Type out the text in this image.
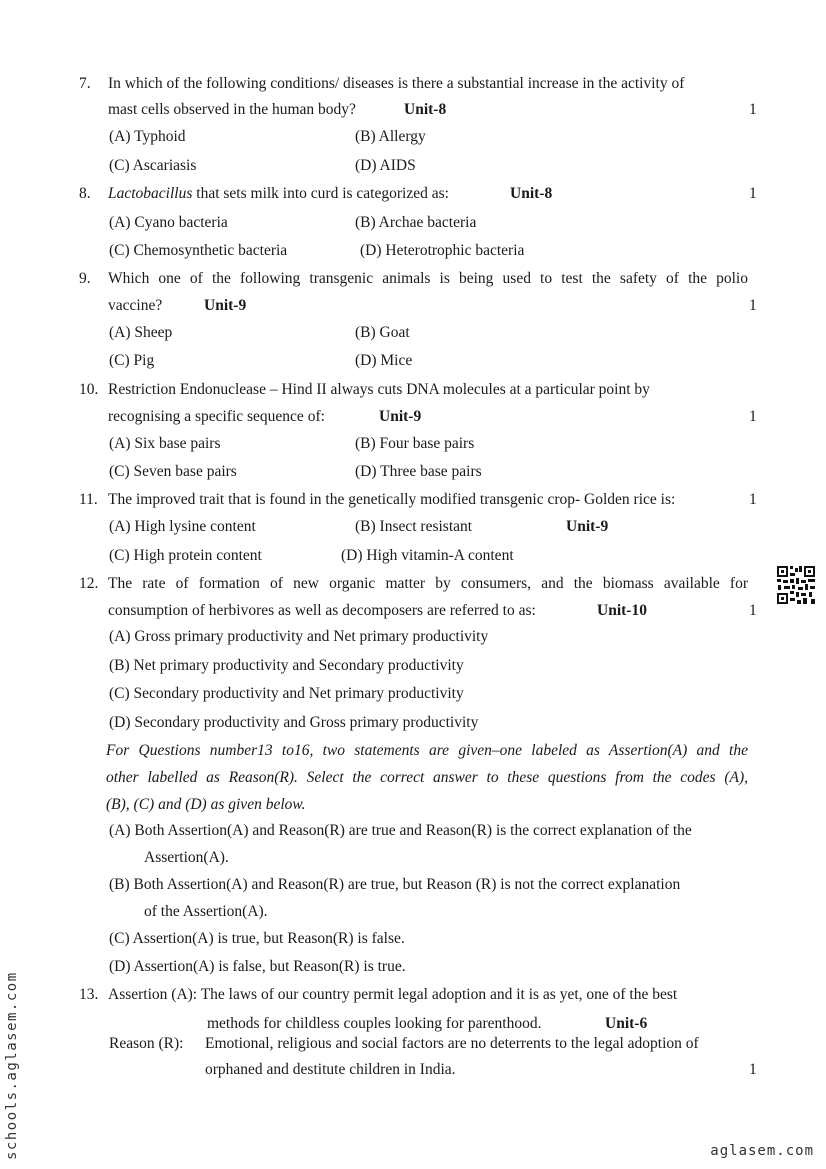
7. In which of the following conditions/ diseases is there a substantial increase in the activity of
mast cells observed in the human body?	Unit-8	1
(A) Typhoid	(B) Allergy
(C) Ascariasis	(D) AIDS
8. Lactobacillus that sets milk into curd is categorized as:	Unit-8	1
(A) Cyano bacteria	(B) Archae bacteria
(C) Chemosynthetic bacteria	(D) Heterotrophic bacteria
9. Which one of the following transgenic animals is being used to test the safety of the polio
vaccine?	Unit-9	1
(A) Sheep	(B) Goat
(C) Pig	(D) Mice
10. Restriction Endonuclease – Hind II always cuts DNA molecules at a particular point by
recognising a specific sequence of:	Unit-9	1
(A) Six base pairs	(B) Four base pairs
(C) Seven base pairs	(D) Three base pairs
11. The improved trait that is found in the genetically modified transgenic crop- Golden rice is:	1
(A) High lysine content	(B) Insect resistant	Unit-9
(C) High protein content	(D) High vitamin-A content
12. The rate of formation of new organic matter by consumers, and the biomass available for
consumption of herbivores as well as decomposers are referred to as:	Unit-10	1
(A) Gross primary productivity and Net primary productivity
(B) Net primary productivity and Secondary productivity
(C) Secondary productivity and Net primary productivity
(D) Secondary productivity and Gross primary productivity
For Questions number13 to16, two statements are given–one labeled as Assertion(A) and the
other labelled as Reason(R). Select the correct answer to these questions from the codes (A),
(B), (C) and (D) as given below.
(A) Both Assertion(A) and Reason(R) are true and Reason(R) is the correct explanation of the
Assertion(A).
(B) Both Assertion(A) and Reason(R) are true, but Reason (R) is not the correct explanation
of the Assertion(A).
(C) Assertion(A) is true, but Reason(R) is false.
(D) Assertion(A) is false, but Reason(R) is true.
13. Assertion (A): The laws of our country permit legal adoption and it is as yet, one of the best
methods for childless couples looking for parenthood.	Unit-6
Reason (R): Emotional, religious and social factors are no deterrents to the legal adoption of
orphaned and destitute children in India.	1
schools.aglasem.com	aglasem.com
